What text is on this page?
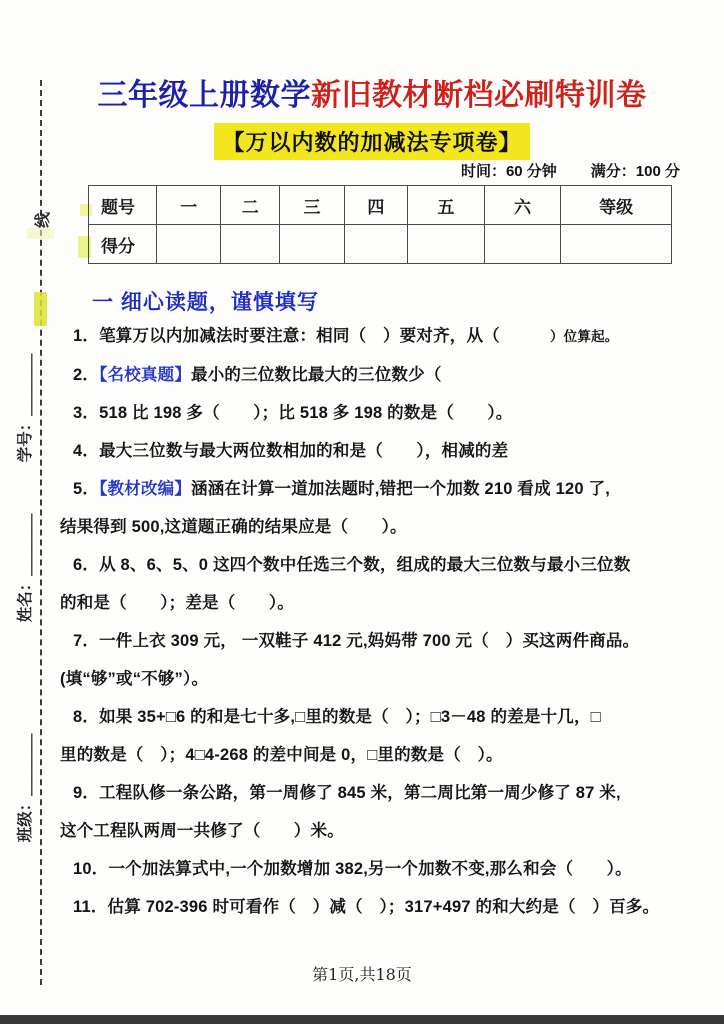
线
学号：＿＿＿＿
姓名：＿＿＿＿
班级：＿＿＿＿
三年级上册数学新旧教材断档必刷特训卷
【万以内数的加减法专项卷】
时间：60 分钟 满分：100 分
题号	一	二	三	四	五	六	等级
得分							
一 细心读题，谨慎填写
1．笔算万以内加减法时要注意：相同（　）要对齐，从（　　　）位算起。
2．【名校真题】最小的三位数比最大的三位数少（
3．518 比 198 多（　　）；比 518 多 198 的数是（　　）。
4．最大三位数与最大两位数相加的和是（　　），相减的差
5．【教材改编】涵涵在计算一道加法题时,错把一个加数 210 看成 120 了,
结果得到 500,这道题正确的结果应是（　　）。
6．从 8、6、5、0 这四个数中任选三个数，组成的最大三位数与最小三位数
的和是（　　）；差是（　　）。
7．一件上衣 309 元， 一双鞋子 412 元,妈妈带 700 元（　）买这两件商品。
(填“够”或“不够”）。
8．如果 35+□6 的和是七十多,□里的数是（　）；□3－48 的差是十几，□
里的数是（　）；4□4-268 的差中间是 0，□里的数是（　）。
9．工程队修一条公路，第一周修了 845 米，第二周比第一周少修了 87 米,
这个工程队两周一共修了（　　）米。
10．一个加法算式中,一个加数增加 382,另一个加数不变,那么和会（　　）。
11．估算 702-396 时可看作（　）减（　）；317+497 的和大约是（　）百多。
第1页,共18页
